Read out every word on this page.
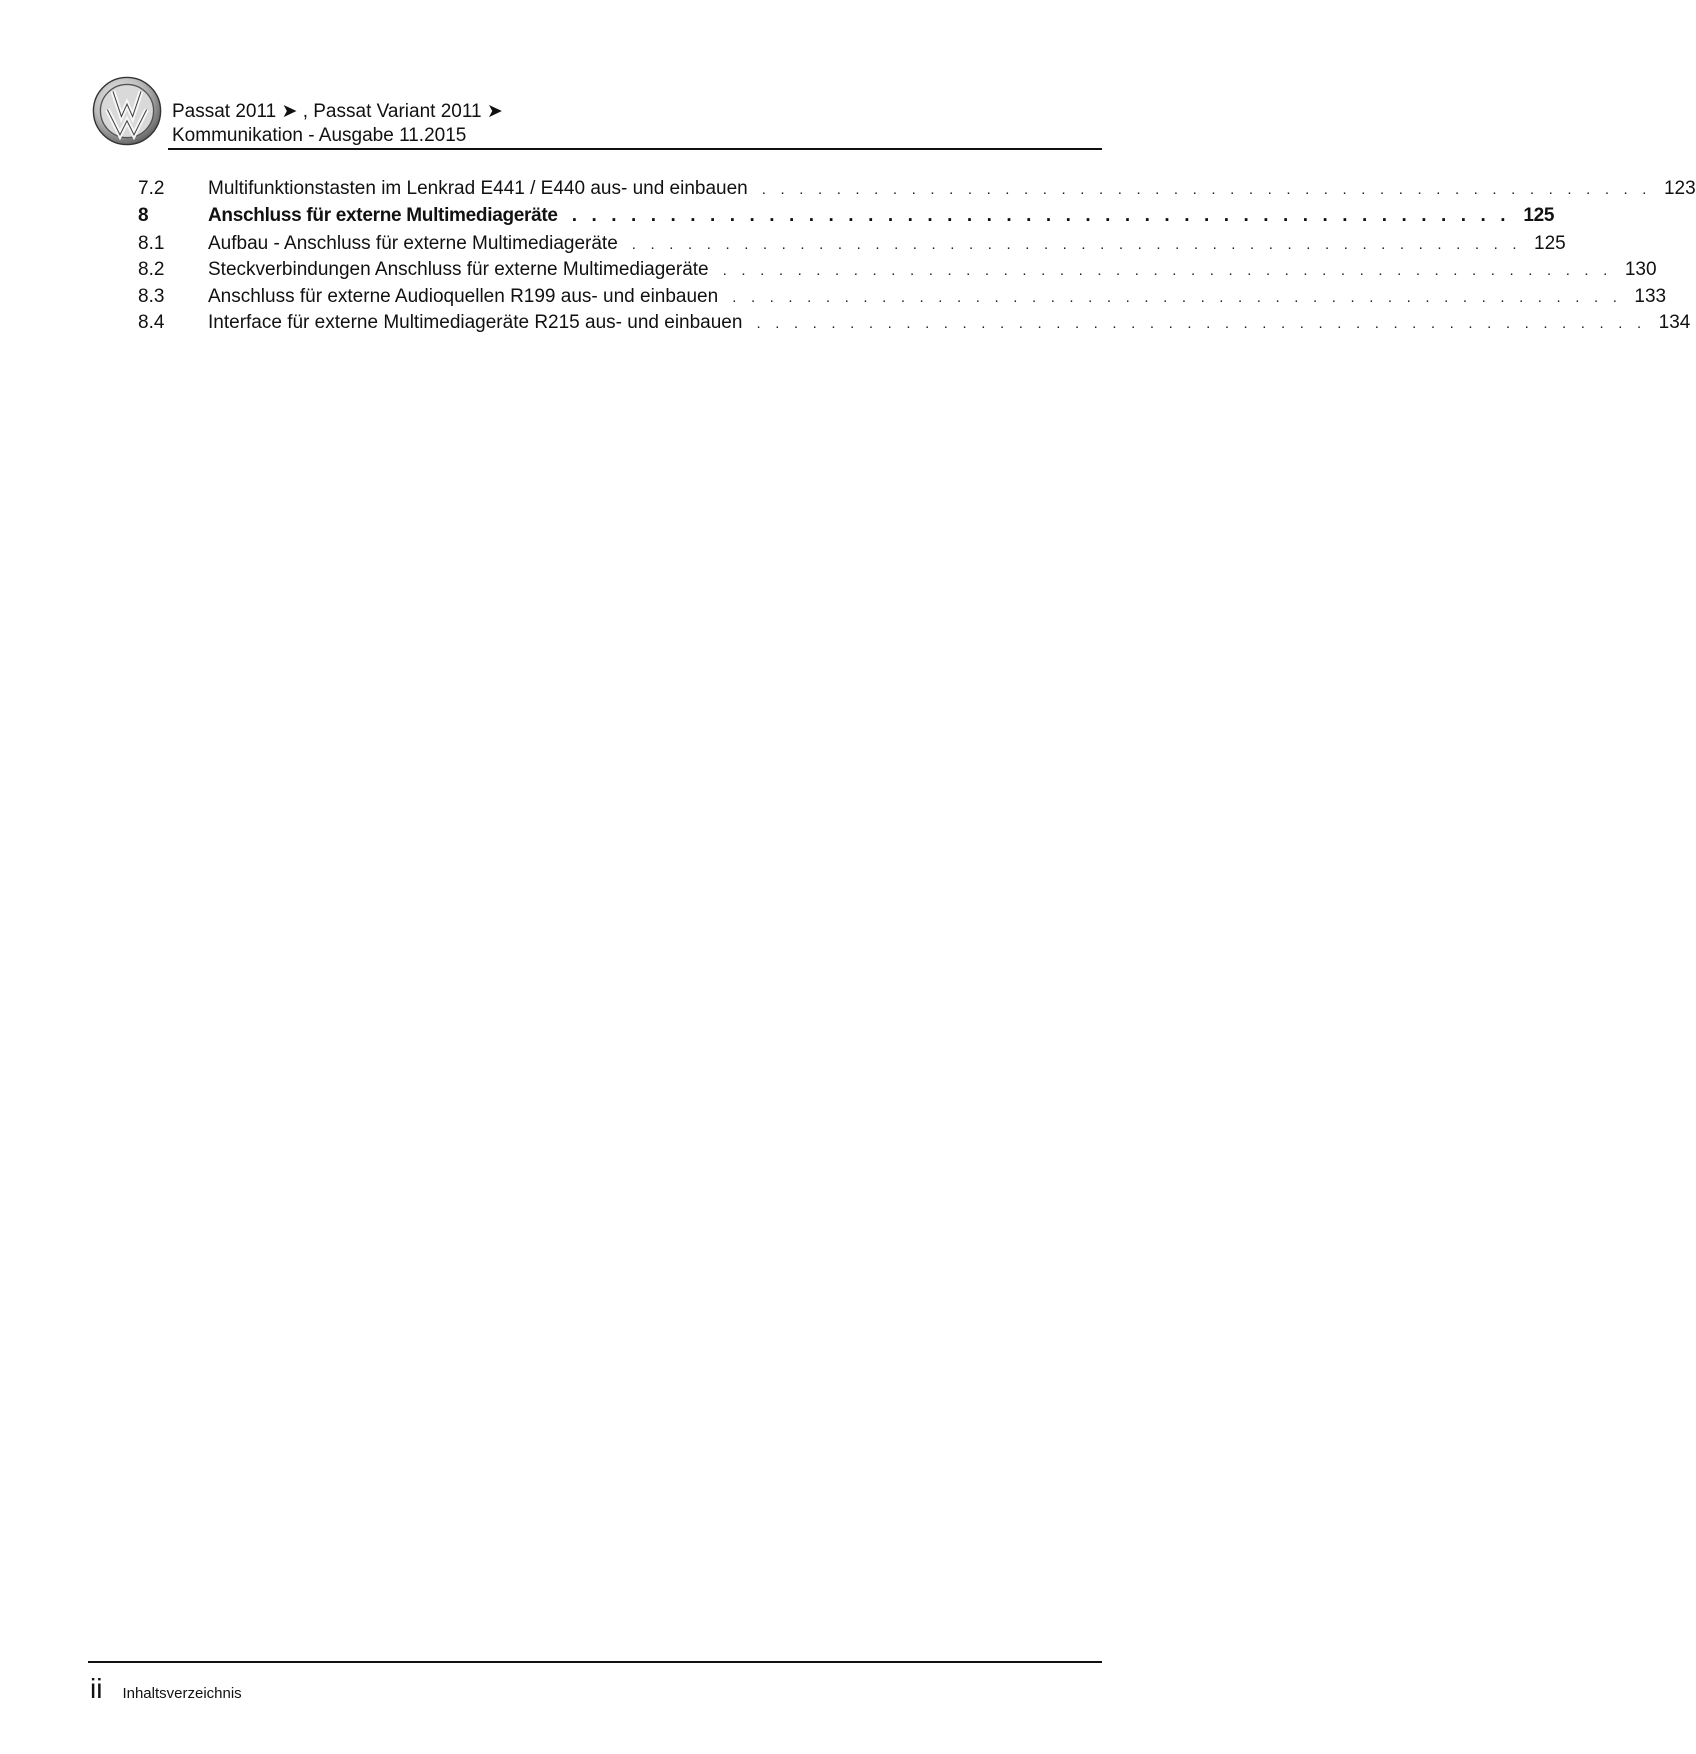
Passat 2011 ➤ , Passat Variant 2011 ➤
Kommunikation - Ausgabe 11.2015
7.2	Multifunktionstasten im Lenkrad E441 / E440 aus- und einbauen . . . . . . . . . . . . . . . . . . . . . . . . . . . . . . . . . . . . . . . . . . . . . . . . 123
8	Anschluss für externe Multimediageräte . . . . . . . . . . . . . . . . . . . . . . . . . . . . . . . . . . . . . . . . . . . . . . . . 125
8.1	Aufbau - Anschluss für externe Multimediageräte . . . . . . . . . . . . . . . . . . . . . . . . . . . . . . . . . . . . . . . . . . . . . . . . 125
8.2	Steckverbindungen Anschluss für externe Multimediageräte . . . . . . . . . . . . . . . . . . . . . . . . . . . . . . . . . . . . . . . . . . . . . . . . 130
8.3	Anschluss für externe Audioquellen R199 aus- und einbauen . . . . . . . . . . . . . . . . . . . . . . . . . . . . . . . . . . . . . . . . . . . . . . . . 133
8.4	Interface für externe Multimediageräte R215 aus- und einbauen . . . . . . . . . . . . . . . . . . . . . . . . . . . . . . . . . . . . . . . . . . . . . . . . 134
ii Inhaltsverzeichnis
